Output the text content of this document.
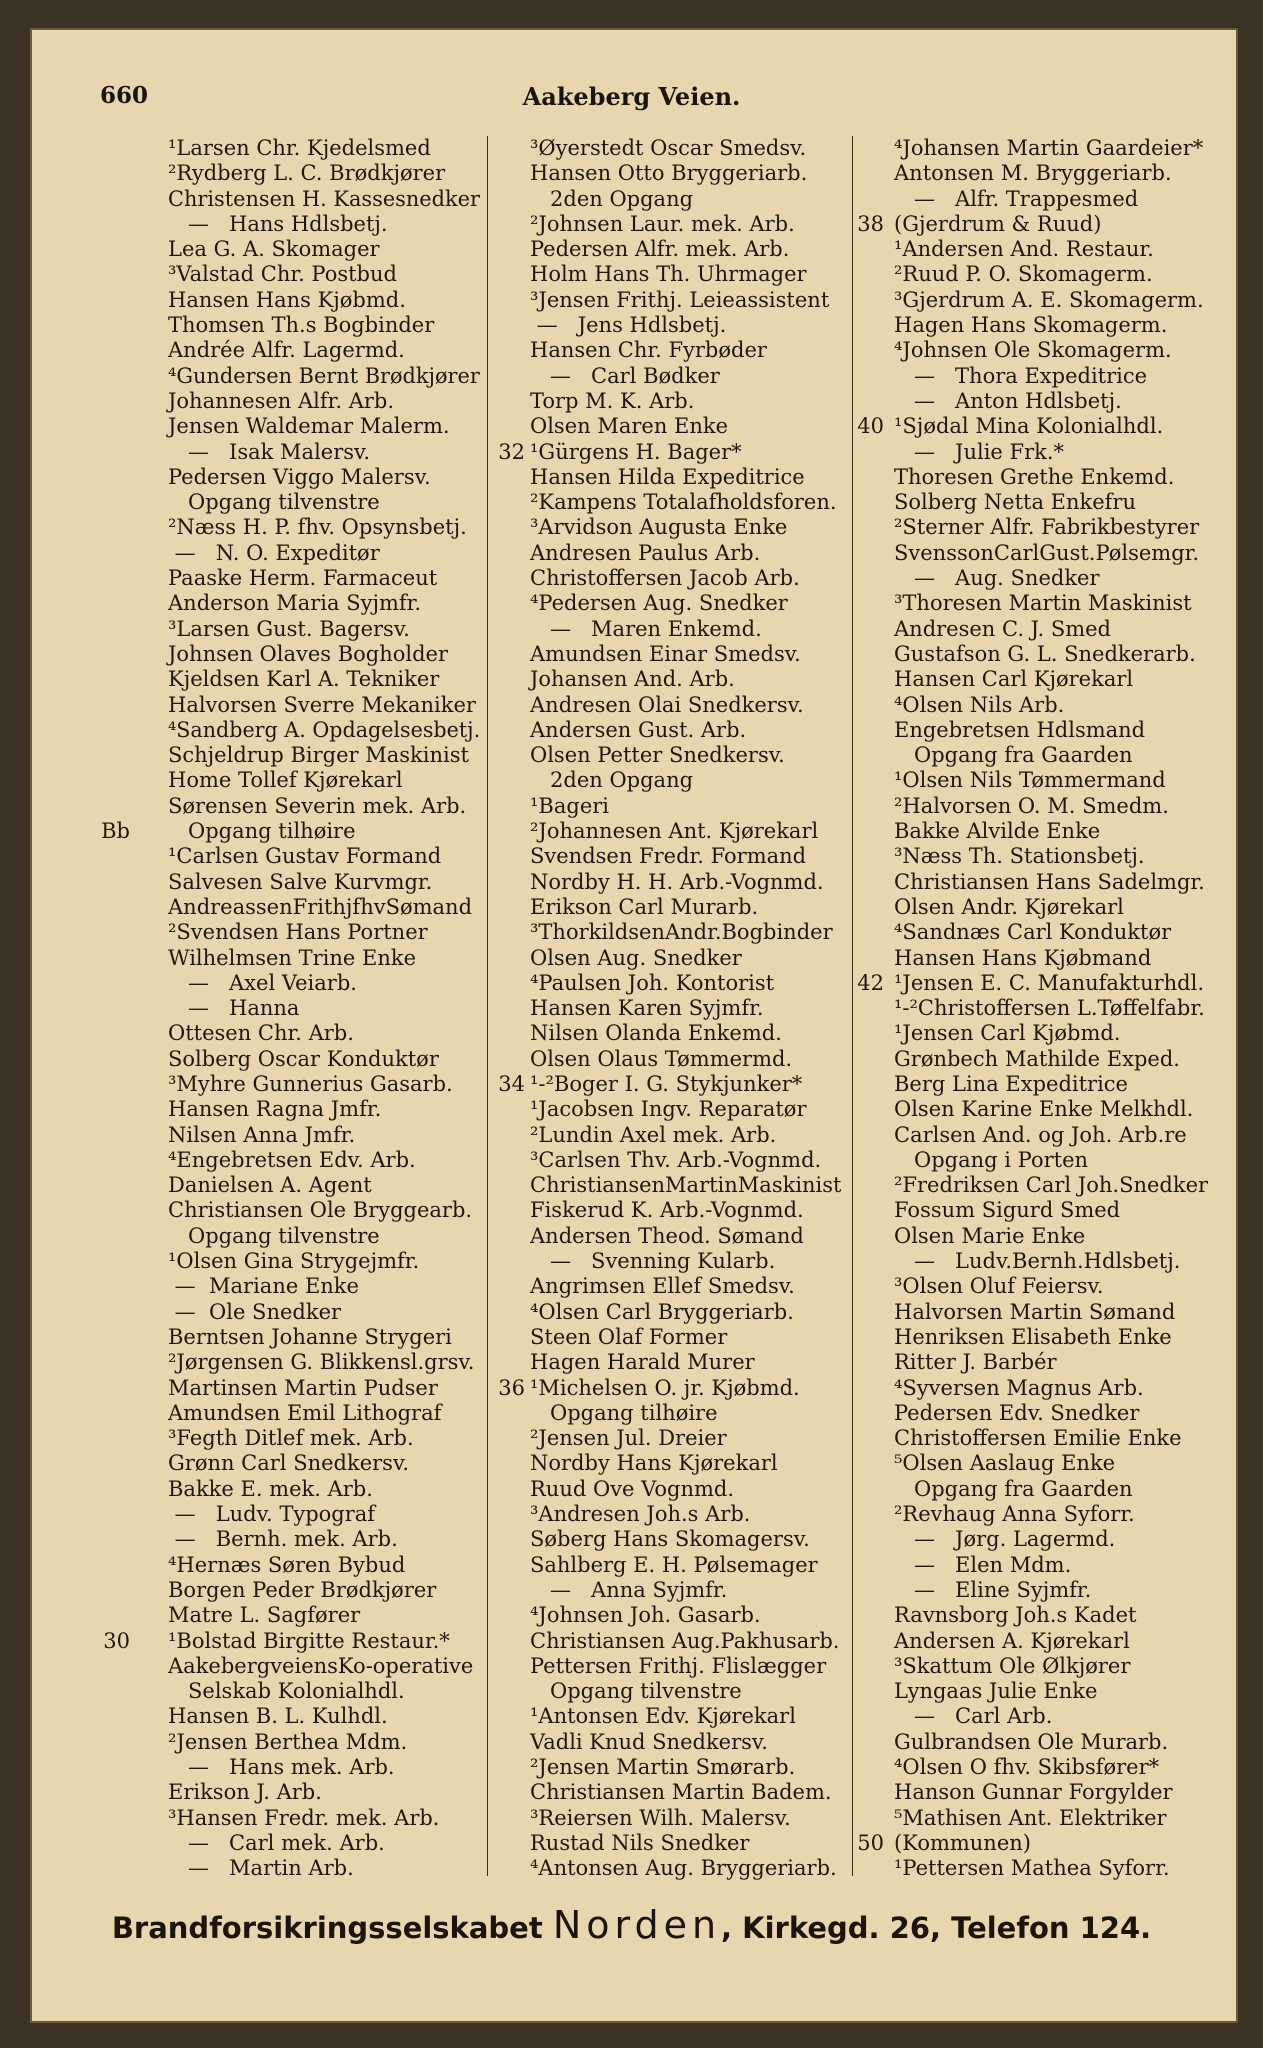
660	Aakeberg Veien.
¹Larsen Chr. Kjedelsmed
²Rydberg L. C. Brødkjører
Christensen H. Kassesnedker
—   Hans Hdlsbetj.
Lea G. A. Skomager
³Valstad Chr. Postbud
Hansen Hans Kjøbmd.
Thomsen Th.s Bogbinder
Andrée Alfr. Lagermd.
⁴Gundersen Bernt Brødkjører
Johannesen Alfr. Arb.
Jensen Waldemar Malerm.
—   Isak Malersv.
Pedersen Viggo Malersv.
Opgang tilvenstre
²Næss H. P. fhv. Opsynsbetj.
—   N. O. Expeditør
Paaske Herm. Farmaceut
Anderson Maria Syjmfr.
³Larsen Gust. Bagersv.
Johnsen Olaves Bogholder
Kjeldsen Karl A. Tekniker
Halvorsen Sverre Mekaniker
⁴Sandberg A. Opdagelsesbetj.
Schjeldrup Birger Maskinist
Home Tollef Kjørekarl
Sørensen Severin mek. Arb.
Bb Opgang tilhøire
¹Carlsen Gustav Formand
Salvesen Salve Kurvmgr.
AndreassenFrithjfhvSømand
²Svendsen Hans Portner
Wilhelmsen Trine Enke
—   Axel Veiarb.
—   Hanna
Ottesen Chr. Arb.
Solberg Oscar Konduktør
³Myhre Gunnerius Gasarb.
Hansen Ragna Jmfr.
Nilsen Anna Jmfr.
⁴Engebretsen Edv. Arb.
Danielsen A. Agent
Christiansen Ole Bryggearb.
Opgang tilvenstre
¹Olsen Gina Strygejmfr.
—  Mariane Enke
—  Ole Snedker
Berntsen Johanne Strygeri
²Jørgensen G. Blikkensl.grsv.
Martinsen Martin Pudser
Amundsen Emil Lithograf
³Fegth Ditlef mek. Arb.
Grønn Carl Snedkersv.
Bakke E. mek. Arb.
—   Ludv. Typograf
—   Bernh. mek. Arb.
⁴Hernæs Søren Bybud
Borgen Peder Brødkjører
Matre L. Sagfører
30 ¹Bolstad Birgitte Restaur.*
AakebergveiensKo-operative
Selskab Kolonialhdl.
Hansen B. L. Kulhdl.
²Jensen Berthea Mdm.
—   Hans mek. Arb.
Erikson J. Arb.
³Hansen Fredr. mek. Arb.
—   Carl mek. Arb.
—   Martin Arb.
³Øyerstedt Oscar Smedsv.
Hansen Otto Bryggeriarb.
2den Opgang
²Johnsen Laur. mek. Arb.
Pedersen Alfr. mek. Arb.
Holm Hans Th. Uhrmager
³Jensen Frithj. Leieassistent
—   Jens Hdlsbetj.
Hansen Chr. Fyrbøder
—   Carl Bødker
Torp M. K. Arb.
Olsen Maren Enke
32 ¹Gürgens H. Bager*
Hansen Hilda Expeditrice
²Kampens Totalafholdsforen.
³Arvidson Augusta Enke
Andresen Paulus Arb.
Christoffersen Jacob Arb.
⁴Pedersen Aug. Snedker
—   Maren Enkemd.
Amundsen Einar Smedsv.
Johansen And. Arb.
Andresen Olai Snedkersv.
Andersen Gust. Arb.
Olsen Petter Snedkersv.
2den Opgang
¹Bageri
²Johannesen Ant. Kjørekarl
Svendsen Fredr. Formand
Nordby H. H. Arb.-Vognmd.
Erikson Carl Murarb.
³ThorkildsenAndr.Bogbinder
Olsen Aug. Snedker
⁴Paulsen Joh. Kontorist
Hansen Karen Syjmfr.
Nilsen Olanda Enkemd.
Olsen Olaus Tømmermd.
34 ¹-²Boger I. G. Stykjunker*
¹Jacobsen Ingv. Reparatør
²Lundin Axel mek. Arb.
³Carlsen Thv. Arb.-Vognmd.
ChristiansenMartinMaskinist
Fiskerud K. Arb.-Vognmd.
Andersen Theod. Sømand
—   Svenning Kularb.
Angrimsen Ellef Smedsv.
⁴Olsen Carl Bryggeriarb.
Steen Olaf Former
Hagen Harald Murer
36 ¹Michelsen O. jr. Kjøbmd.
Opgang tilhøire
²Jensen Jul. Dreier
Nordby Hans Kjørekarl
Ruud Ove Vognmd.
³Andresen Joh.s Arb.
Søberg Hans Skomagersv.
Sahlberg E. H. Pølsemager
—   Anna Syjmfr.
⁴Johnsen Joh. Gasarb.
Christiansen Aug.Pakhusarb.
Pettersen Frithj. Flislægger
Opgang tilvenstre
¹Antonsen Edv. Kjørekarl
Vadli Knud Snedkersv.
²Jensen Martin Smørarb.
Christiansen Martin Badem.
³Reiersen Wilh. Malersv.
Rustad Nils Snedker
⁴Antonsen Aug. Bryggeriarb.
⁴Johansen Martin Gaardeier*
Antonsen M. Bryggeriarb.
—   Alfr. Trappesmed
38 (Gjerdrum & Ruud)
¹Andersen And. Restaur.
²Ruud P. O. Skomagerm.
³Gjerdrum A. E. Skomagerm.
Hagen Hans Skomagerm.
⁴Johnsen Ole Skomagerm.
—   Thora Expeditrice
—   Anton Hdlsbetj.
40 ¹Sjødal Mina Kolonialhdl.
—   Julie Frk.*
Thoresen Grethe Enkemd.
Solberg Netta Enkefru
²Sterner Alfr. Fabrikbestyrer
SvenssonCarlGust.Pølsemgr.
—   Aug. Snedker
³Thoresen Martin Maskinist
Andresen C. J. Smed
Gustafson G. L. Snedkerarb.
Hansen Carl Kjørekarl
⁴Olsen Nils Arb.
Engebretsen Hdlsmand
Opgang fra Gaarden
¹Olsen Nils Tømmermand
²Halvorsen O. M. Smedm.
Bakke Alvilde Enke
³Næss Th. Stationsbetj.
Christiansen Hans Sadelmgr.
Olsen Andr. Kjørekarl
⁴Sandnæs Carl Konduktør
Hansen Hans Kjøbmand
42 ¹Jensen E. C. Manufakturhdl.
¹-²Christoffersen L.Tøffelfabr.
¹Jensen Carl Kjøbmd.
Grønbech Mathilde Exped.
Berg Lina Expeditrice
Olsen Karine Enke Melkhdl.
Carlsen And. og Joh. Arb.re
Opgang i Porten
²Fredriksen Carl Joh.Snedker
Fossum Sigurd Smed
Olsen Marie Enke
—   Ludv.Bernh.Hdlsbetj.
³Olsen Oluf Feiersv.
Halvorsen Martin Sømand
Henriksen Elisabeth Enke
Ritter J. Barbér
⁴Syversen Magnus Arb.
Pedersen Edv. Snedker
Christoffersen Emilie Enke
⁵Olsen Aaslaug Enke
Opgang fra Gaarden
²Revhaug Anna Syforr.
—   Jørg. Lagermd.
—   Elen Mdm.
—   Eline Syjmfr.
Ravnsborg Joh.s Kadet
Andersen A. Kjørekarl
³Skattum Ole Ølkjører
Lyngaas Julie Enke
—   Carl Arb.
Gulbrandsen Ole Murarb.
⁴Olsen O fhv. Skibsfører*
Hanson Gunnar Forgylder
⁵Mathisen Ant. Elektriker
50 (Kommunen)
¹Pettersen Mathea Syforr.
Brandforsikringsselskabet Norden, Kirkegd. 26, Telefon 124.
